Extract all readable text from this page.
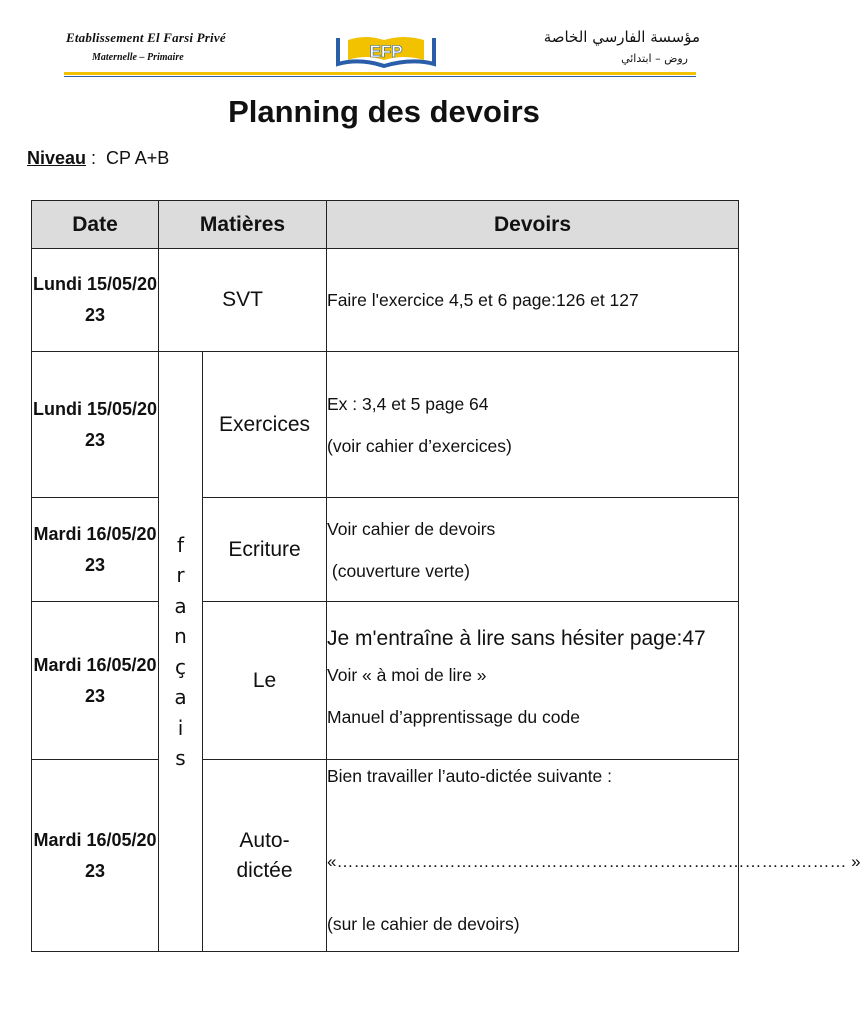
Etablissement El Farsi Privé
Maternelle – Primaire	EFP
مؤسسة الفارسي الخاصة
روض – ابتدائي
Planning des devoirs
Niveau :  CP A+B
Date	Matières		Devoirs
Lundi 15/05/2023	SVT		Faire l'exercice 4,5 et 6 page:126 et 127

Lundi 15/05/2023	français	Exercices	Ex : 3,4 et 5 page 64

(voir cahier d’exercices)

Mardi 16/05/2023		Ecriture	Voir cahier de devoirs

(couverture verte)

Mardi 16/05/2023		Le	Je m'entraîne à lire sans hésiter page:47

Voir « à moi de lire »

Manuel d’apprentissage du code

Mardi 16/05/2023		Auto-dictée	Bien travailler l’auto-dictée suivante :

«……………………………………………………………………………… »

(sur le cahier de devoirs)
